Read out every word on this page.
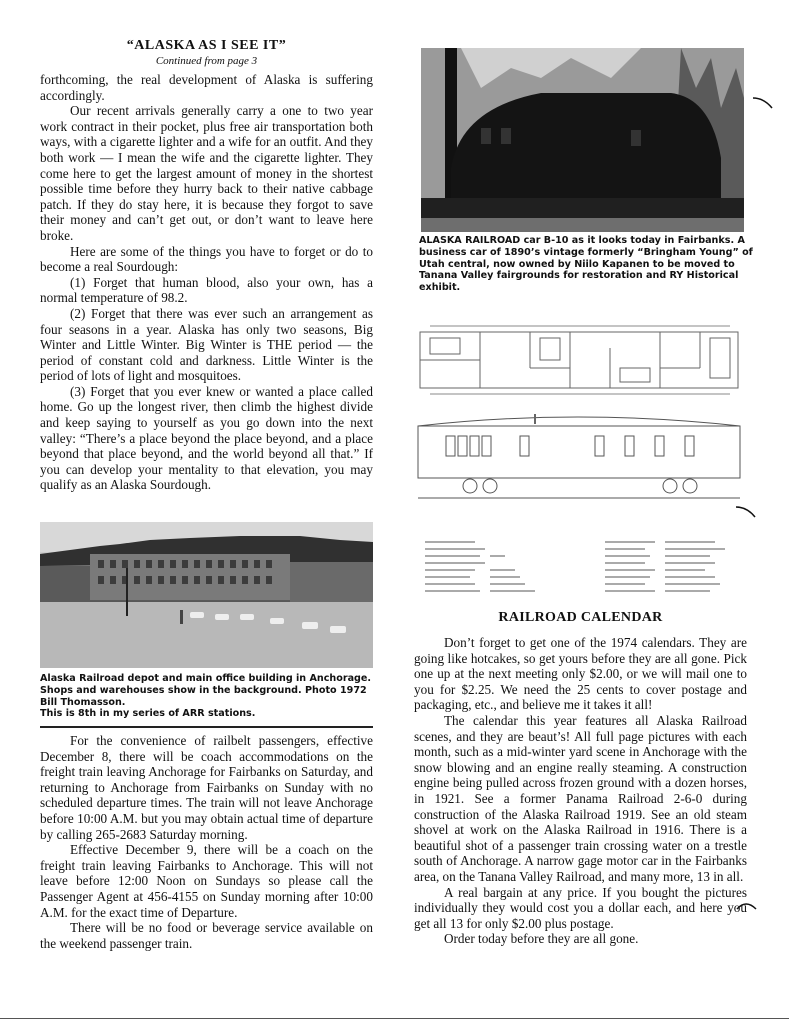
“ALASKA AS I SEE IT”
Continued from page 3

forthcoming, the real development of Alaska is suffering accordingly.

Our recent arrivals generally carry a one to two year work contract in their pocket, plus free air transportation both ways, with a cigarette lighter and a wife for an outfit. And they both work — I mean the wife and the cigarette lighter. They come here to get the largest amount of money in the shortest possible time before they hurry back to their native cabbage patch. If they do stay here, it is because they forgot to save their money and can’t get out, or don’t want to leave here broke.

Here are some of the things you have to forget or do to become a real Sourdough:

(1) Forget that human blood, also your own, has a normal temperature of 98.2.

(2) Forget that there was ever such an arrangement as four seasons in a year. Alaska has only two seasons, Big Winter and Little Winter. Big Winter is THE period — the period of constant cold and darkness. Little Winter is the period of lots of light and mosquitoes.

(3) Forget that you ever knew or wanted a place called home. Go up the longest river, then climb the highest divide and keep saying to yourself as you go down into the next valley: “There’s a place beyond the place beyond, and a place beyond that place beyond, and the world beyond all that.” If you can develop your mentality to that elevation, you may qualify as an Alaska Sourdough.

Alaska Railroad depot and main office building in Anchorage. Shops and warehouses show in the background. Photo 1972 Bill Thomasson.
This is 8th in my series of ARR stations.

For the convenience of railbelt passengers, effective December 8, there will be coach accommodations on the freight train leaving Anchorage for Fairbanks on Saturday, and returning to Anchorage from Fairbanks on Sunday with no scheduled departure times. The train will not leave Anchorage before 10:00 A.M. but you may obtain actual time of departure by calling 265-2683 Saturday morning.

Effective December 9, there will be a coach on the freight train leaving Fairbanks to Anchorage. This will not leave before 12:00 Noon on Sundays so please call the Passenger Agent at 456-4155 on Sunday morning after 10:00 A.M. for the exact time of Departure.

There will be no food or beverage service available on the weekend passenger train.

ALASKA RAILROAD car B-10 as it looks today in Fairbanks. A business car of 1890’s vintage formerly “Bringham Young” of Utah central, now owned by Niilo Kapanen to be moved to Tanana Valley fairgrounds for restoration and RY Historical exhibit.
RAILROAD CALENDAR

Don’t forget to get one of the 1974 calendars. They are going like hotcakes, so get yours before they are all gone. Pick one up at the next meeting only $2.00, or we will mail one to you for $2.25. We need the 25 cents to cover postage and packaging, etc., and believe me it takes it all!

The calendar this year features all Alaska Railroad scenes, and they are beaut’s! All full page pictures with each month, such as a mid-winter yard scene in Anchorage with the snow blowing and an engine really steaming. A construction engine being pulled across frozen ground with a dozen horses, in 1921. See a former Panama Railroad 2-6-0 during construction of the Alaska Railroad 1919. See an old steam shovel at work on the Alaska Railroad in 1916. There is a beautiful shot of a passenger train crossing water on a trestle south of Anchorage. A narrow gage motor car in the Fairbanks area, on the Tanana Valley Railroad, and many more, 13 in all.

A real bargain at any price. If you bought the pictures individually they would cost you a dollar each, and here you get all 13 for only $2.00 plus postage.

Order today before they are all gone.
